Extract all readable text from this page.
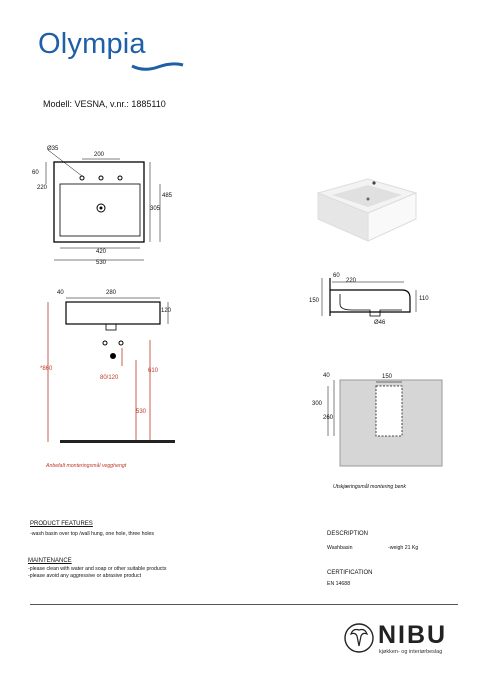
Olympia
Modell: VESNA, v.nr.: 1885110
Ø35
200
60
220
485
305
420
530
60
220
150	110
Ø46
40	280
120
*860
80/120
610
530
Anbefalt monteringsmål vegghengt
40	150
300
260
Utskjæringsmål montering benk
PRODUCT FEATURES
-wash basin over top /wall hung, one hole, three holes
MAINTENANCE
-please clean with water and soap or other suitable products
-please avoid any aggressive or abrasive product
DESCRIPTION
Washbasin	-weigh 21 Kg
CERTIFICATION
EN 14688
NIBU
kjøkken- og interiørbeslag
